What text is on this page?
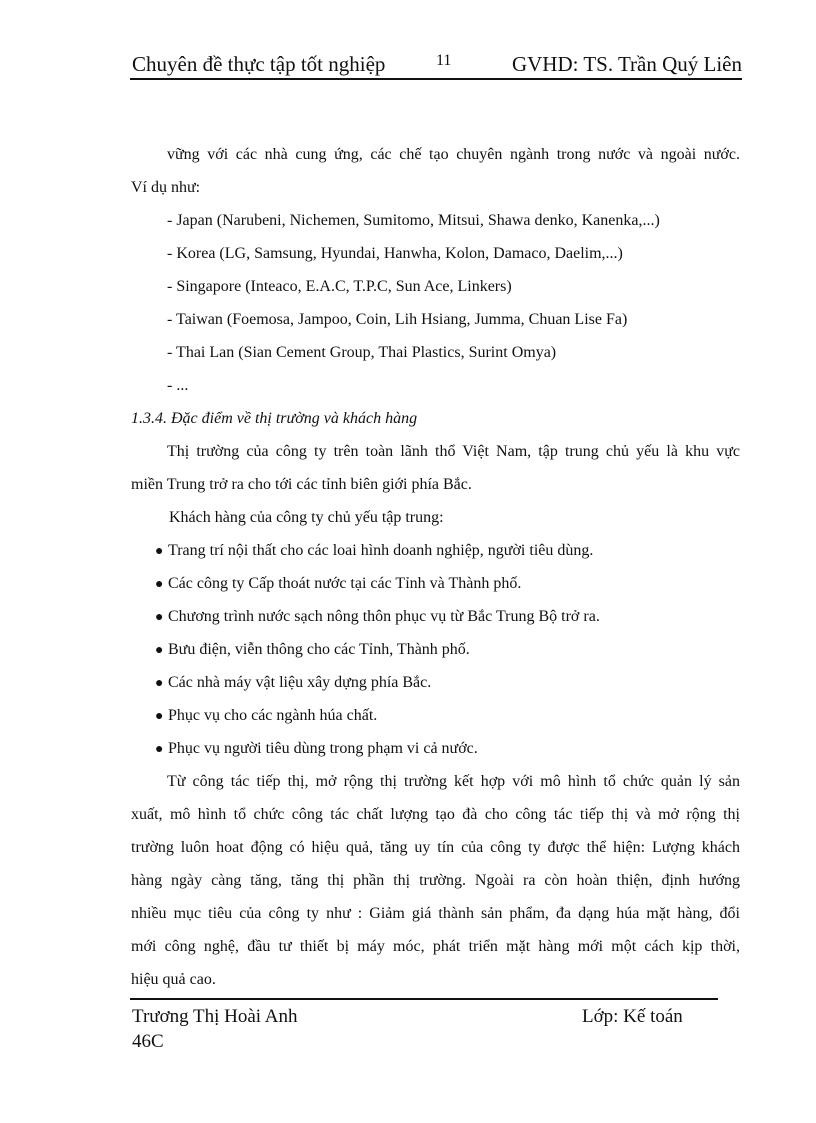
Chuyên đề thực tập tốt nghiệp	11	GVHD: TS. Trần Quý Liên
vững với các nhà cung ứng, các chế tạo chuyên ngành trong nước và ngoài nước.
Ví dụ như:
- Japan (Narubeni, Nichemen, Sumitomo, Mitsui, Shawa denko, Kanenka,...)
- Korea (LG, Samsung, Hyundai, Hanwha, Kolon, Damaco, Daelim,...)
- Singapore (Inteaco, E.A.C, T.P.C, Sun Ace, Linkers)
- Taiwan (Foemosa, Jampoo, Coin, Lih Hsiang, Jumma, Chuan Lise Fa)
- Thai Lan (Sian Cement Group, Thai Plastics, Surint Omya)
- ...
1.3.4. Đặc điểm về thị trường và khách hàng
Thị trường của công ty trên toàn lãnh thổ Việt Nam, tập trung chủ yếu là khu vực
miền Trung trở ra cho tới các tỉnh biên giới phía Bắc.
Khách hàng của công ty chủ yếu tập trung:
● Trang trí nội thất cho các loai hình doanh nghiệp, người tiêu dùng.
● Các công ty Cấp thoát nước tại các Tỉnh và Thành phố.
● Chương trình nước sạch nông thôn phục vụ từ Bắc Trung Bộ trở ra.
● Bưu điện, viễn thông cho các Tỉnh, Thành phố.
● Các nhà máy vật liệu xây dựng phía Bắc.
● Phục vụ cho các ngành húa chất.
● Phục vụ người tiêu dùng trong phạm vi cả nước.
Từ công tác tiếp thị, mở rộng thị trường kết hợp với mô hình tổ chức quản lý sản
xuất, mô hình tổ chức công tác chất lượng tạo đà cho công tác tiếp thị và mở rộng thị
trường luôn hoat động có hiệu quả, tăng uy tín của công ty được thể hiện: Lượng khách
hàng ngày càng tăng, tăng thị phần thị trường. Ngoài ra còn hoàn thiện, định hướng
nhiều mục tiêu của công ty như : Giảm giá thành sản phẩm, đa dạng húa mặt hàng, đổi
mới công nghệ, đầu tư thiết bị máy móc, phát triển mặt hàng mới một cách kịp thời,
hiệu quả cao.
Trương Thị Hoài Anh	Lớp: Kế toán
46C
